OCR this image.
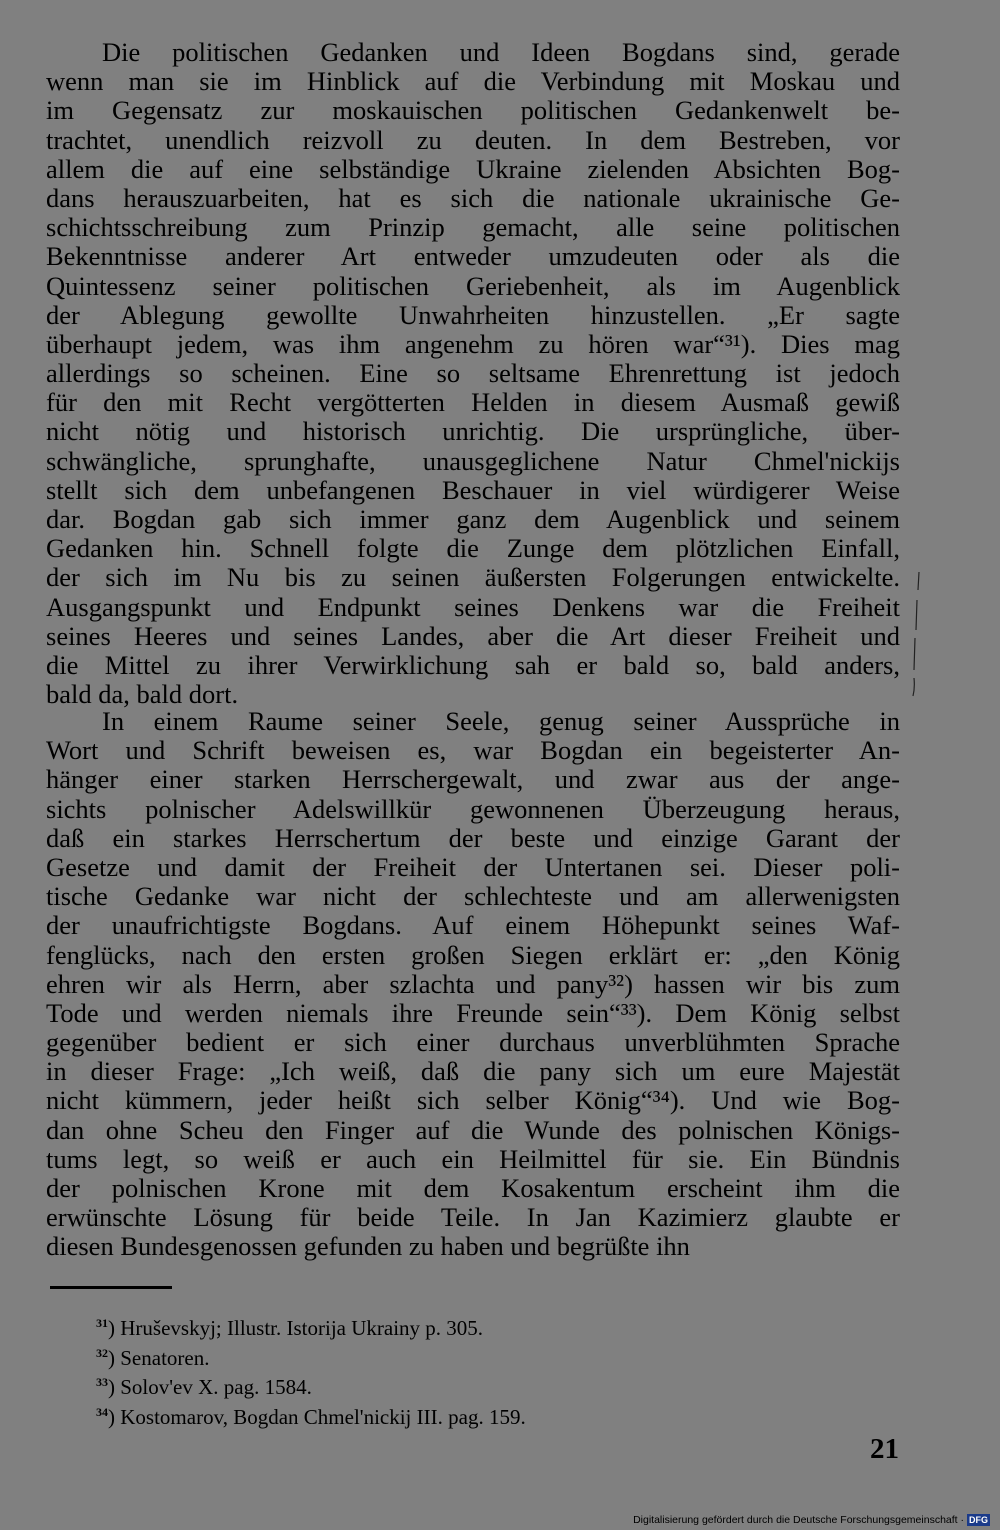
Die politischen Gedanken und Ideen Bogdans sind, gerade
wenn man sie im Hinblick auf die Verbindung mit Moskau und
im Gegensatz zur moskauischen politischen Gedankenwelt be-
trachtet, unendlich reizvoll zu deuten. In dem Bestreben, vor
allem die auf eine selbständige Ukraine zielenden Absichten Bog-
dans herauszuarbeiten, hat es sich die nationale ukrainische Ge-
schichtsschreibung zum Prinzip gemacht, alle seine politischen
Bekenntnisse anderer Art entweder umzudeuten oder als die
Quintessenz seiner politischen Geriebenheit, als im Augenblick
der Ablegung gewollte Unwahrheiten hinzustellen. „Er sagte
überhaupt jedem, was ihm angenehm zu hören war“³¹). Dies mag
allerdings so scheinen. Eine so seltsame Ehrenrettung ist jedoch
für den mit Recht vergötterten Helden in diesem Ausmaß gewiß
nicht nötig und historisch unrichtig. Die ursprüngliche, über-
schwängliche, sprunghafte, unausgeglichene Natur Chmel'nickijs
stellt sich dem unbefangenen Beschauer in viel würdigerer Weise
dar. Bogdan gab sich immer ganz dem Augenblick und seinem
Gedanken hin. Schnell folgte die Zunge dem plötzlichen Einfall,
der sich im Nu bis zu seinen äußersten Folgerungen entwickelte.
Ausgangspunkt und Endpunkt seines Denkens war die Freiheit
seines Heeres und seines Landes, aber die Art dieser Freiheit und
die Mittel zu ihrer Verwirklichung sah er bald so, bald anders,
bald da, bald dort.
In einem Raume seiner Seele, genug seiner Aussprüche in
Wort und Schrift beweisen es, war Bogdan ein begeisterter An-
hänger einer starken Herrschergewalt, und zwar aus der ange-
sichts polnischer Adelswillkür gewonnenen Überzeugung heraus,
daß ein starkes Herrschertum der beste und einzige Garant der
Gesetze und damit der Freiheit der Untertanen sei. Dieser poli-
tische Gedanke war nicht der schlechteste und am allerwenigsten
der unaufrichtigste Bogdans. Auf einem Höhepunkt seines Waf-
fenglücks, nach den ersten großen Siegen erklärt er: „den König
ehren wir als Herrn, aber szlachta und pany³²) hassen wir bis zum
Tode und werden niemals ihre Freunde sein“³³). Dem König selbst
gegenüber bedient er sich einer durchaus unverblühmten Sprache
in dieser Frage: „Ich weiß, daß die pany sich um eure Majestät
nicht kümmern, jeder heißt sich selber König“³⁴). Und wie Bog-
dan ohne Scheu den Finger auf die Wunde des polnischen Königs-
tums legt, so weiß er auch ein Heilmittel für sie. Ein Bündnis
der polnischen Krone mit dem Kosakentum erscheint ihm die
erwünschte Lösung für beide Teile. In Jan Kazimierz glaubte er
diesen Bundesgenossen gefunden zu haben und begrüßte ihn
$^{31}$) Hruševskyj; Illustr. Istorija Ukrainy p. 305.
$^{32}$) Senatoren.
$^{33}$) Solov'ev X. pag. 1584.
$^{34}$) Kostomarov, Bogdan Chmel'nickij III. pag. 159.
21
Digitalisierung gefördert durch die Deutsche Forschungsgemeinschaft · DFG
